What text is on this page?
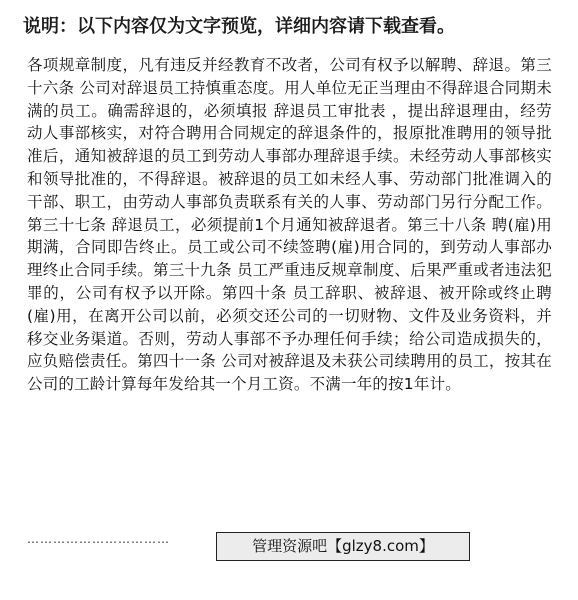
说明：以下内容仅为文字预览，详细内容请下载查看。
各项规章制度，凡有违反并经教育不改者，公司有权予以解聘、辞退。第三十六条 公司对辞退员工持慎重态度。用人单位无正当理由不得辞退合同期未满的员工。确需辞退的，必须填报 辞退员工审批表 ，提出辞退理由，经劳动人事部核实，对符合聘用合同规定的辞退条件的，报原批准聘用的领导批准后，通知被辞退的员工到劳动人事部办理辞退手续。未经劳动人事部核实和领导批准的，不得辞退。被辞退的员工如未经人事、劳动部门批准调入的干部、职工，由劳动人事部负责联系有关的人事、劳动部门另行分配工作。第三十七条 辞退员工，必须提前1个月通知被辞退者。第三十八条 聘(雇)用期满，合同即告终止。员工或公司不续签聘(雇)用合同的，到劳动人事部办理终止合同手续。第三十九条 员工严重违反规章制度、后果严重或者违法犯罪的，公司有权予以开除。第四十条 员工辞职、被辞退、被开除或终止聘(雇)用，在离开公司以前，必须交还公司的一切财物、文件及业务资料，并移交业务渠道。否则，劳动人事部不予办理任何手续；给公司造成损失的，应负赔偿责任。第四十一条 公司对被辞退及未获公司续聘用的员工，按其在公司的工龄计算每年发给其一个月工资。不满一年的按1年计。
……………………………	管理资源吧【glzy8.com】
